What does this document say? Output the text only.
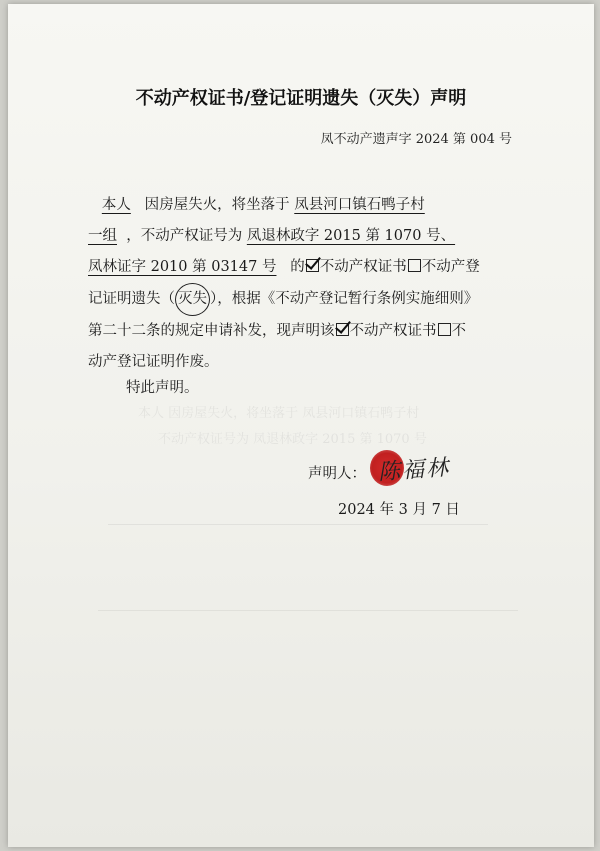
本人 因房屋失火，将坐落于 凤县河口镇石鸭子村
不动产权证号为 凤退林政字 2015 第 1070 号
不动产权证书/登记证明遗失（灭失）声明
凤不动产遗声字 2024 第 004 号
本人 因房屋失火，将坐落于 凤县河口镇石鸭子村
一组 ，不动产权证号为 凤退林政字 2015 第 1070 号、
凤林证字 2010 第 03147 号 的 不动产权证书 不动产登
记证明遗失（ 灭失 ），根据《不动产登记暂行条例实施细则》
第二十二条的规定申请补发，现声明该 不动产权证书 不
动产登记证明作废。
特此声明。
声明人： 陈福林
2024 年 3 月 7 日
